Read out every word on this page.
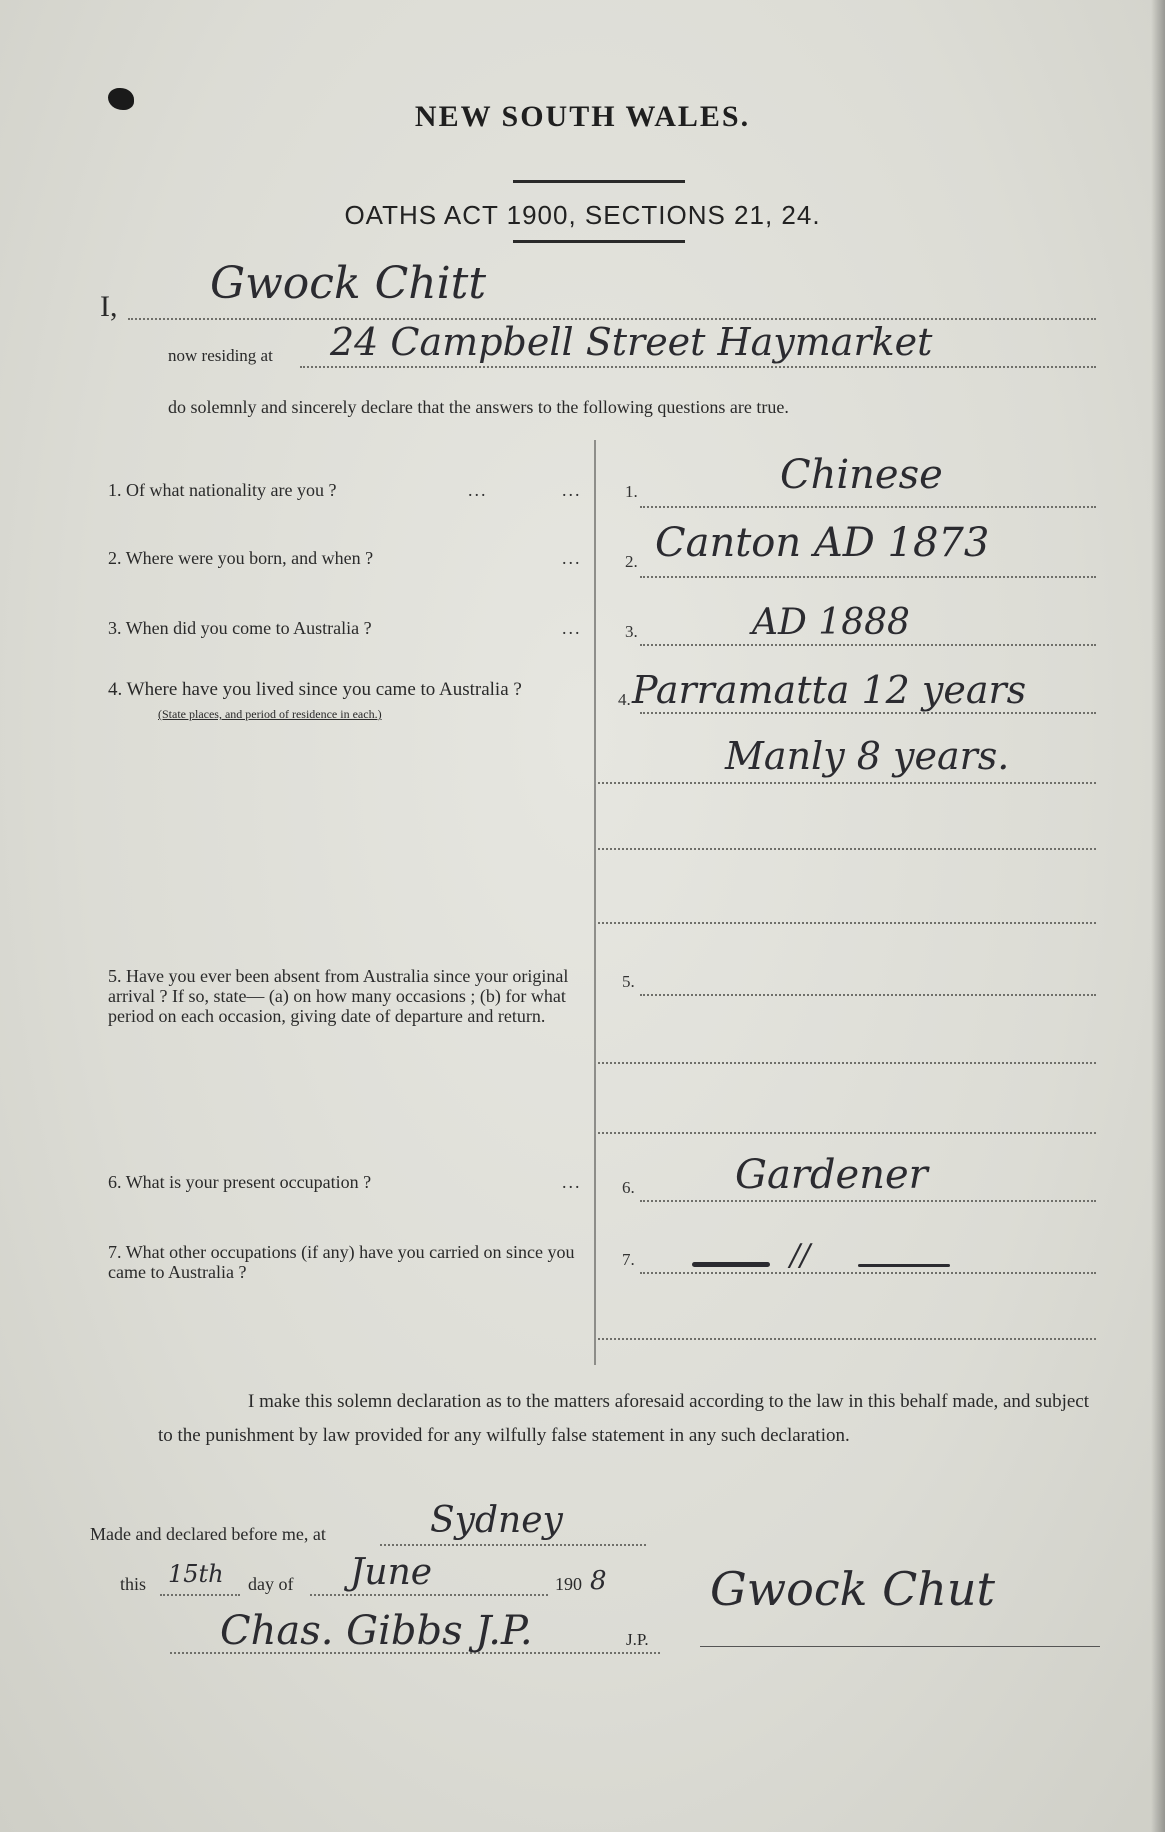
NEW SOUTH WALES.
OATHS ACT 1900, SECTIONS 21, 24.
I, Gwock Chitt
now residing at 24 Campbell Street Haymarket
do solemnly and sincerely declare that the answers to the following questions are true.
1. Of what nationality are you ?	...	...	1.	Chinese
2. Where were you born, and when ?	...	2. Canton AD 1873
3. When did you come to Australia ?	...	3.	AD 1888
4. Where have you lived since you came to Australia ?
(State places, and period of residence in each.)
4. Parramatta 12 years
Manly 8 years.
5. Have you ever been absent from Australia since your original arrival ? If so, state— (a) on how many occasions ; (b) for what period on each occasion, giving date of departure and return.
5.
6. What is your present occupation ?	... 6.	Gardener
7. What other occupations (if any) have you carried on since you came to Australia ?
7.	//
I make this solemn declaration as to the matters aforesaid according to the law in this behalf made, and subject to the punishment by law provided for any wilfully false statement in any such declaration.
Made and declared before me, at	Sydney
this 15th day of June	190 8
Chas. Gibbs J.P.	J.P.
Gwock Chut
